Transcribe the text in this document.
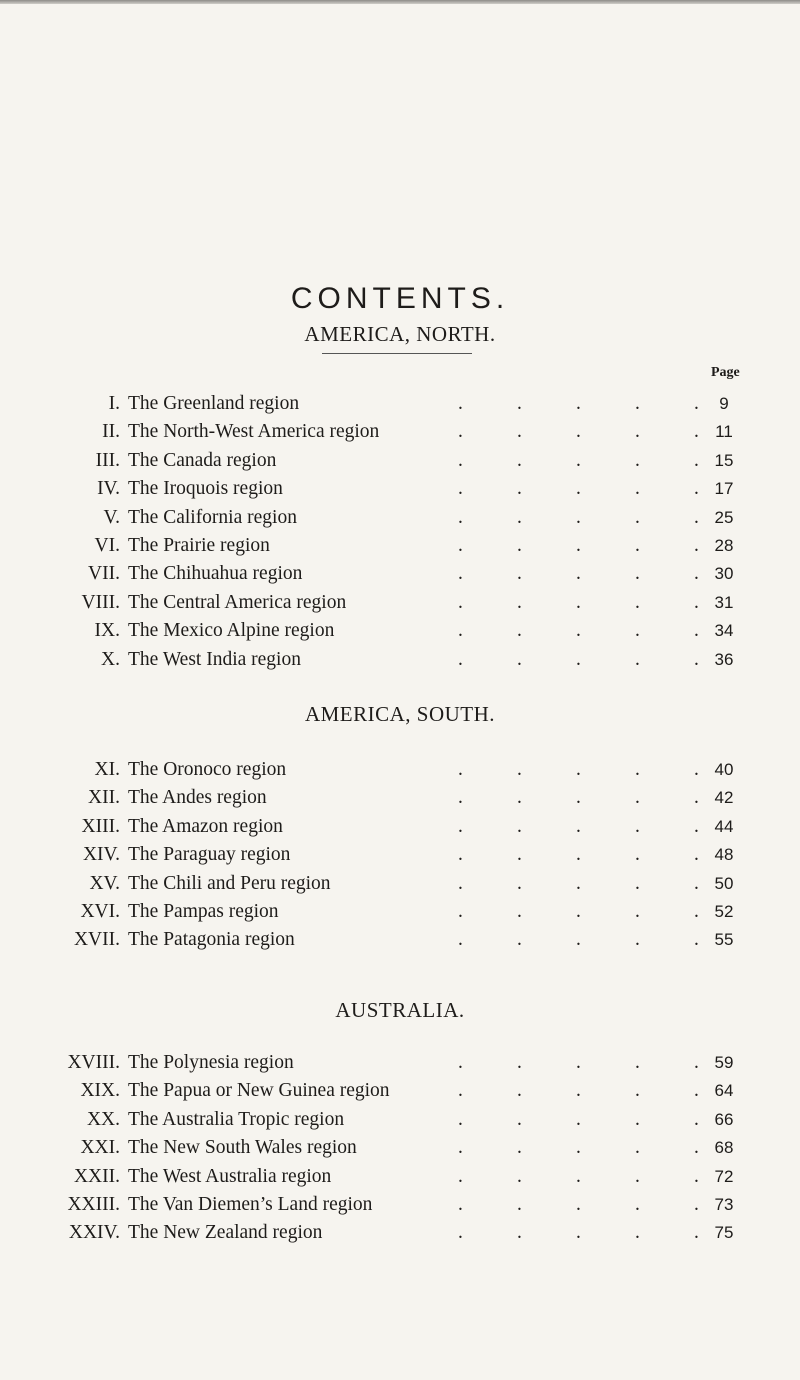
CONTENTS.
AMERICA, NORTH.
Page
I. The Greenland region	.	.	.	.	.	9
II. The North-West America region	.	.	.	.	. 11
III. The Canada region	.	.	.	.	. 15
IV. The Iroquois region	.	.	.	.	. 17
V. The California region	.	.	.	.	. 25
VI. The Prairie region	.	.	.	.	. 28
VII. The Chihuahua region	.	.	.	.	. 30
VIII. The Central America region	.	.	.	.	. 31
IX. The Mexico Alpine region	.	.	.	.	. 34
X. The West India region	.	.	.	.	. 36
AMERICA, SOUTH.
XI. The Oronoco region	.	.	.	.	. 40
XII. The Andes region	.	.	.	.	. 42
XIII. The Amazon region	.	.	.	.	. 44
XIV. The Paraguay region	.	.	.	.	. 48
XV. The Chili and Peru region	.	.	.	.	. 50
XVI. The Pampas region	.	.	.	.	. 52
XVII. The Patagonia region	.	.	.	.	. 55
AUSTRALIA.
XVIII. The Polynesia region	.	.	.	.	. 59
XIX. The Papua or New Guinea region	.	.	.	.	. 64
XX. The Australia Tropic region	.	.	.	.	. 66
XXI. The New South Wales region	.	.	.	.	. 68
XXII. The West Australia region	.	.	.	.	. 72
XXIII. The Van Diemen’s Land region	.	.	.	.	. 73
XXIV. The New Zealand region	.	.	.	.	. 75
